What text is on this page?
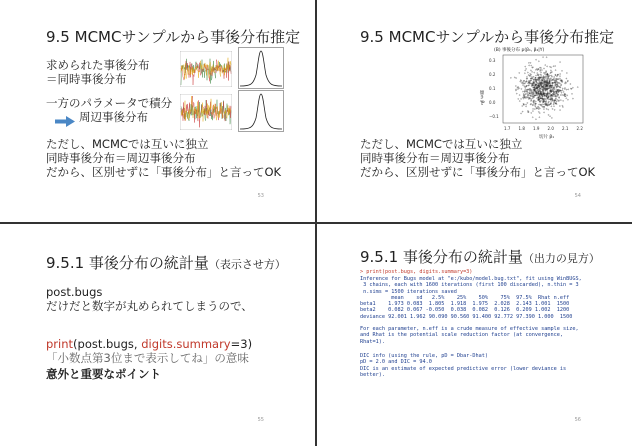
9.5 MCMCサンプルから事後分布推定
求められた事後分布
＝同時事後分布
一方のパラメータで積分
周辺事後分布
ただし、MCMCでは互いに独立
同時事後分布＝周辺事後分布
だから、区別せずに「事後分布」と言ってOK
53
9.5 MCMCサンプルから事後分布推定
(B) 事後分布 p(β₁, β₂|Y)
0.3
0.2
0.1
0.0
−0.1
1.7 1.8 1.9 2.0 2.1 2.2
傾き β₂
切片 β₁
ただし、MCMCでは互いに独立
同時事後分布＝周辺事後分布
だから、区別せずに「事後分布」と言ってOK
54
9.5.1 事後分布の統計量（表示させ方）
post.bugs
だけだと数字が丸められてしまうので、
print(post.bugs, digits.summary=3)
「小数点第3位まで表示してね」の意味
意外と重要なポイント
55
9.5.1 事後分布の統計量（出力の見方）
> print(post.bugs, digits.summary=3)
Inference for Bugs model at "e:/kubo/model.bug.txt", fit using WinBUGS,
3 chains, each with 1600 iterations (first 100 discarded), n.thin = 3
n.sims = 1500 iterations saved
mean    sd   2.5%    25%    50%    75%  97.5%  Rhat n.eff
beta1    1.973 0.083  1.805  1.918  1.975  2.028  2.143 1.001  1500
beta2    0.082 0.067 -0.050  0.038  0.082  0.126  0.209 1.002  1200
deviance 92.001 1.962 90.090 90.560 91.400 92.772 97.390 1.000  1500
For each parameter, n.eff is a crude measure of effective sample size,
and Rhat is the potential scale reduction factor (at convergence,
Rhat=1).
DIC info (using the rule, pD = Dbar-Dhat)
pD = 2.0 and DIC = 94.0
DIC is an estimate of expected predictive error (lower deviance is
better).
56
